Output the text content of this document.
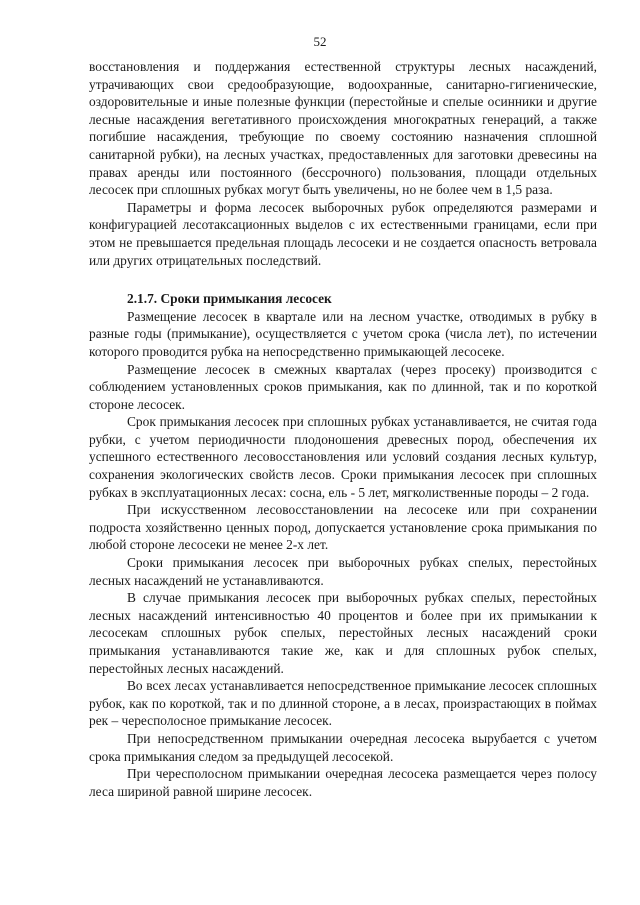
52

восстановления и поддержания естественной структуры лесных насаждений, утрачивающих свои средообразующие, водоохранные, санитарно-гигиенические, оздоровительные и иные полезные функции (перестойные и спелые осинники и другие лесные насаждения вегетативного происхождения многократных генераций, а также погибшие насаждения, требующие по своему состоянию назначения сплошной санитарной рубки), на лесных участках, предоставленных для заготовки древесины на правах аренды или постоянного (бессрочного) пользования, площади отдельных лесосек при сплошных рубках могут быть увеличены, но не более чем в 1,5 раза.

Параметры и форма лесосек выборочных рубок определяются размерами и конфигурацией лесотаксационных выделов с их естественными границами, если при этом не превышается предельная площадь лесосеки и не создается опасность ветровала или других отрицательных последствий.

2.1.7. Сроки примыкания лесосек

Размещение лесосек в квартале или на лесном участке, отводимых в рубку в разные годы (примыкание), осуществляется с учетом срока (числа лет), по истечении которого проводится рубка на непосредственно примыкающей лесосеке.

Размещение лесосек в смежных кварталах (через просеку) производится с соблюдением установленных сроков примыкания, как по длинной, так и по короткой стороне лесосек.

Срок примыкания лесосек при сплошных рубках устанавливается, не считая года рубки, с учетом периодичности плодоношения древесных пород, обеспечения их успешного естественного лесовосстановления или условий создания лесных культур, сохранения экологических свойств лесов. Сроки примыкания лесосек при сплошных рубках в эксплуатационных лесах: сосна, ель - 5 лет, мягколиственные породы – 2 года.

При искусственном лесовосстановлении на лесосеке или при сохранении подроста хозяйственно ценных пород, допускается установление срока примыкания по любой стороне лесосеки не менее 2-х лет.

Сроки примыкания лесосек при выборочных рубках спелых, перестойных лесных насаждений не устанавливаются.

В случае примыкания лесосек при выборочных рубках спелых, перестойных лесных насаждений интенсивностью 40 процентов и более при их примыкании к лесосекам сплошных рубок спелых, перестойных лесных насаждений сроки примыкания устанавливаются такие же, как и для сплошных рубок спелых, перестойных лесных насаждений.

Во всех лесах устанавливается непосредственное примыкание лесосек сплошных рубок, как по короткой, так и по длинной стороне, а в лесах, произрастающих в поймах рек – чересполосное примыкание лесосек.

При непосредственном примыкании очередная лесосека вырубается с учетом срока примыкания следом за предыдущей лесосекой.

При чересполосном примыкании очередная лесосека размещается через полосу леса шириной равной ширине лесосек.
